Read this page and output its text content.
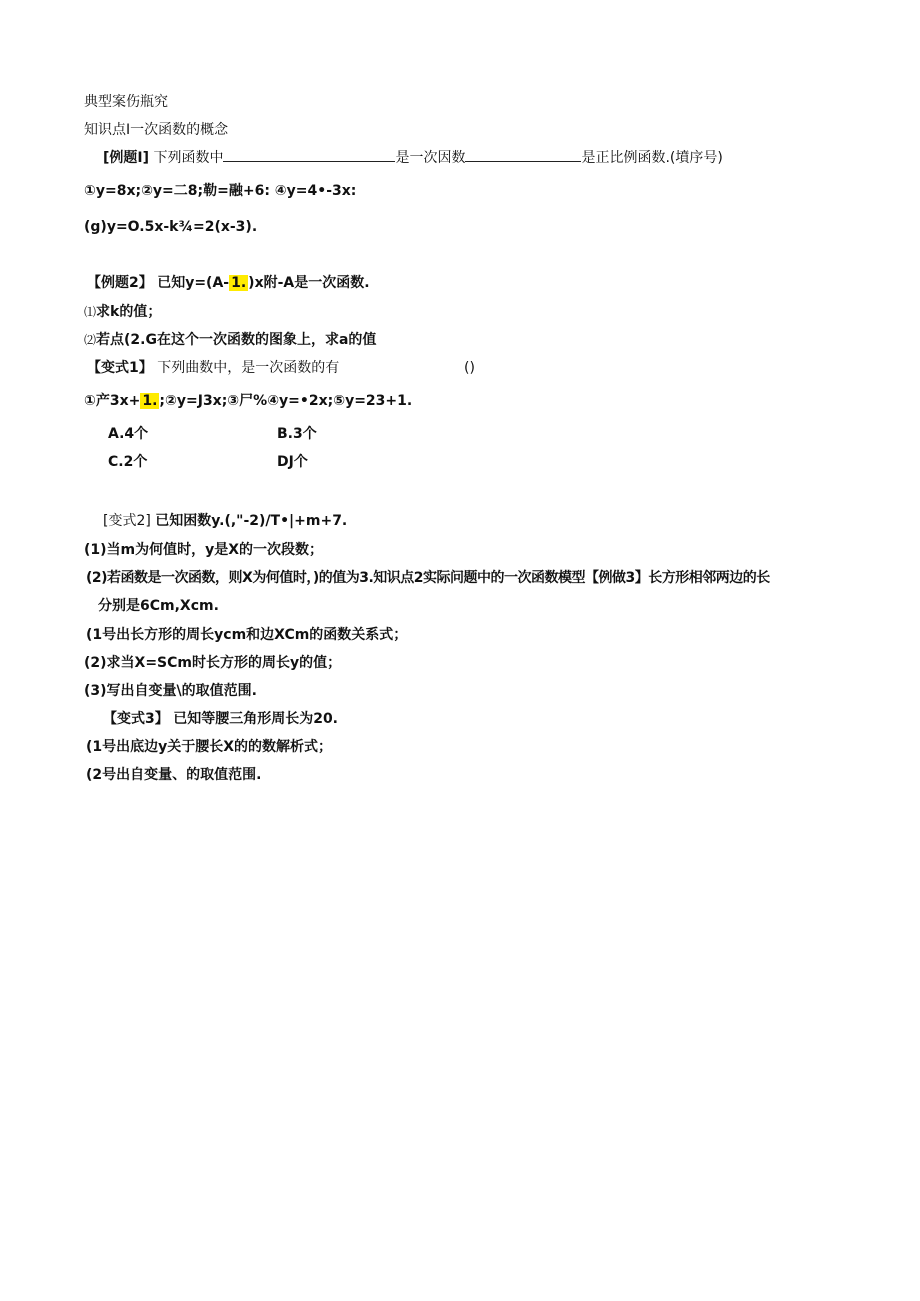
典型案伤瓶究
知识点I一次函数的概念
[例题I] 下列函数中	是一次因数	是正比例函数.(墳序号)
①y=8x;②y=二8;勒=融+6: ④y=4•-3x:
(g)y=O.5x-k¾=2(x-3).
【例题2】 已知y=(A- 1. )x附-A是一次函数.
⑴求k的值；
⑵若点(2.G在这个一次函数的图象上，求a的值
【变式1】 下列曲数中，是一次函数的有	()
①产3x+ 1. ;②y=J3x;③尸%④y=•2x;⑤y=23+1.
A.4个	B.3个
C.2个	DJ个
[变式2] 已知困数y.(,"-2)/T•|+m+7.
(1)当m为何值时，y是X的一次段数；
(2)若函数是一次函数，则X为何值时，)的值为3.知识点2实际问题中的一次函数模型【例做3】长方形相邻两边的长
分别是6Cm,Xcm.
(1号出长方形的周长ycm和边XCm的函数关系式；
(2)求当X=SCm时长方形的周长y的值；
(3)写出自变量\的取值范围.
【变式3】 已知等腰三角形周长为20.
(1号出底边y关于腰长X的的数解析式；
(2号出自变量、的取值范围.
